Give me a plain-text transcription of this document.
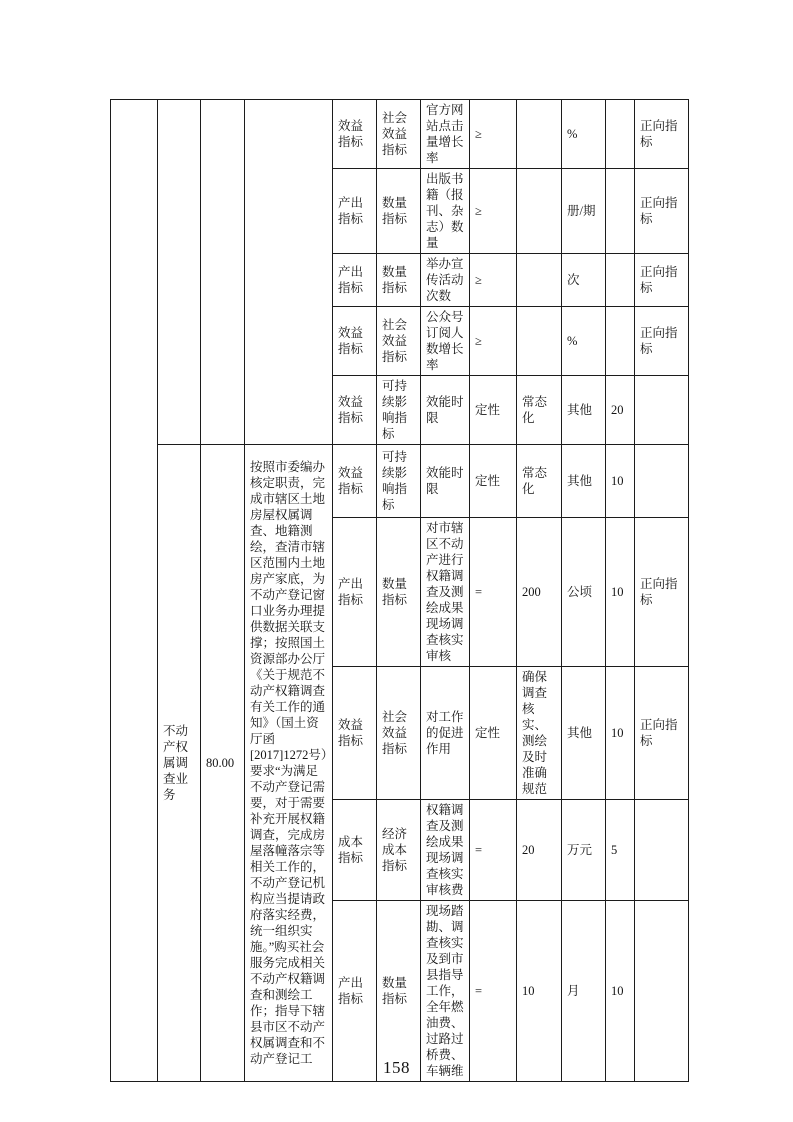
				效益指标	社会效益指标	官方网站点击量增长率	≥		%		正向指标
				产出指标	数量指标	出版书籍（报刊、杂志）数量	≥		册/期		正向指标
				产出指标	数量指标	举办宣传活动次数	≥		次		正向指标
				效益指标	社会效益指标	公众号订阅人数增长率	≥		%		正向指标
				效益指标	可持续影响指标	效能时限	定性	常态化	其他	20	
	不动产权属调查业务	80.00	按照市委编办核定职责，完成市辖区土地房屋权属调查、地籍测绘，查清市辖区范围内土地房产家底，为不动产登记窗口业务办理提供数据关联支撑；按照国土资源部办公厅《关于规范不动产权籍调查有关工作的通知》（国土资厅函[2017]1272号）要求“为满足不动产登记需要，对于需要补充开展权籍调查，完成房屋落幢落宗等相关工作的，不动产登记机构应当提请政府落实经费，统一组织实施。”购买社会服务完成相关不动产权籍调查和测绘工作；指导下辖县市区不动产权属调查和不动产登记工	效益指标	可持续影响指标	效能时限	定性	常态化	其他	10	
				产出指标	数量指标	对市辖区不动产进行权籍调查及测绘成果现场调查核实审核	=	200	公顷	10	正向指标
				效益指标	社会效益指标	对工作的促进作用	定性	确保调查核实、测绘及时准确规范	其他	10	正向指标
				成本指标	经济成本指标	权籍调查及测绘成果现场调查核实审核费	=	20	万元	5	
				产出指标	数量指标	现场踏勘、调查核实及到市县指导工作，全年燃油费、过路过桥费、车辆维	=	10	月	10	
158
